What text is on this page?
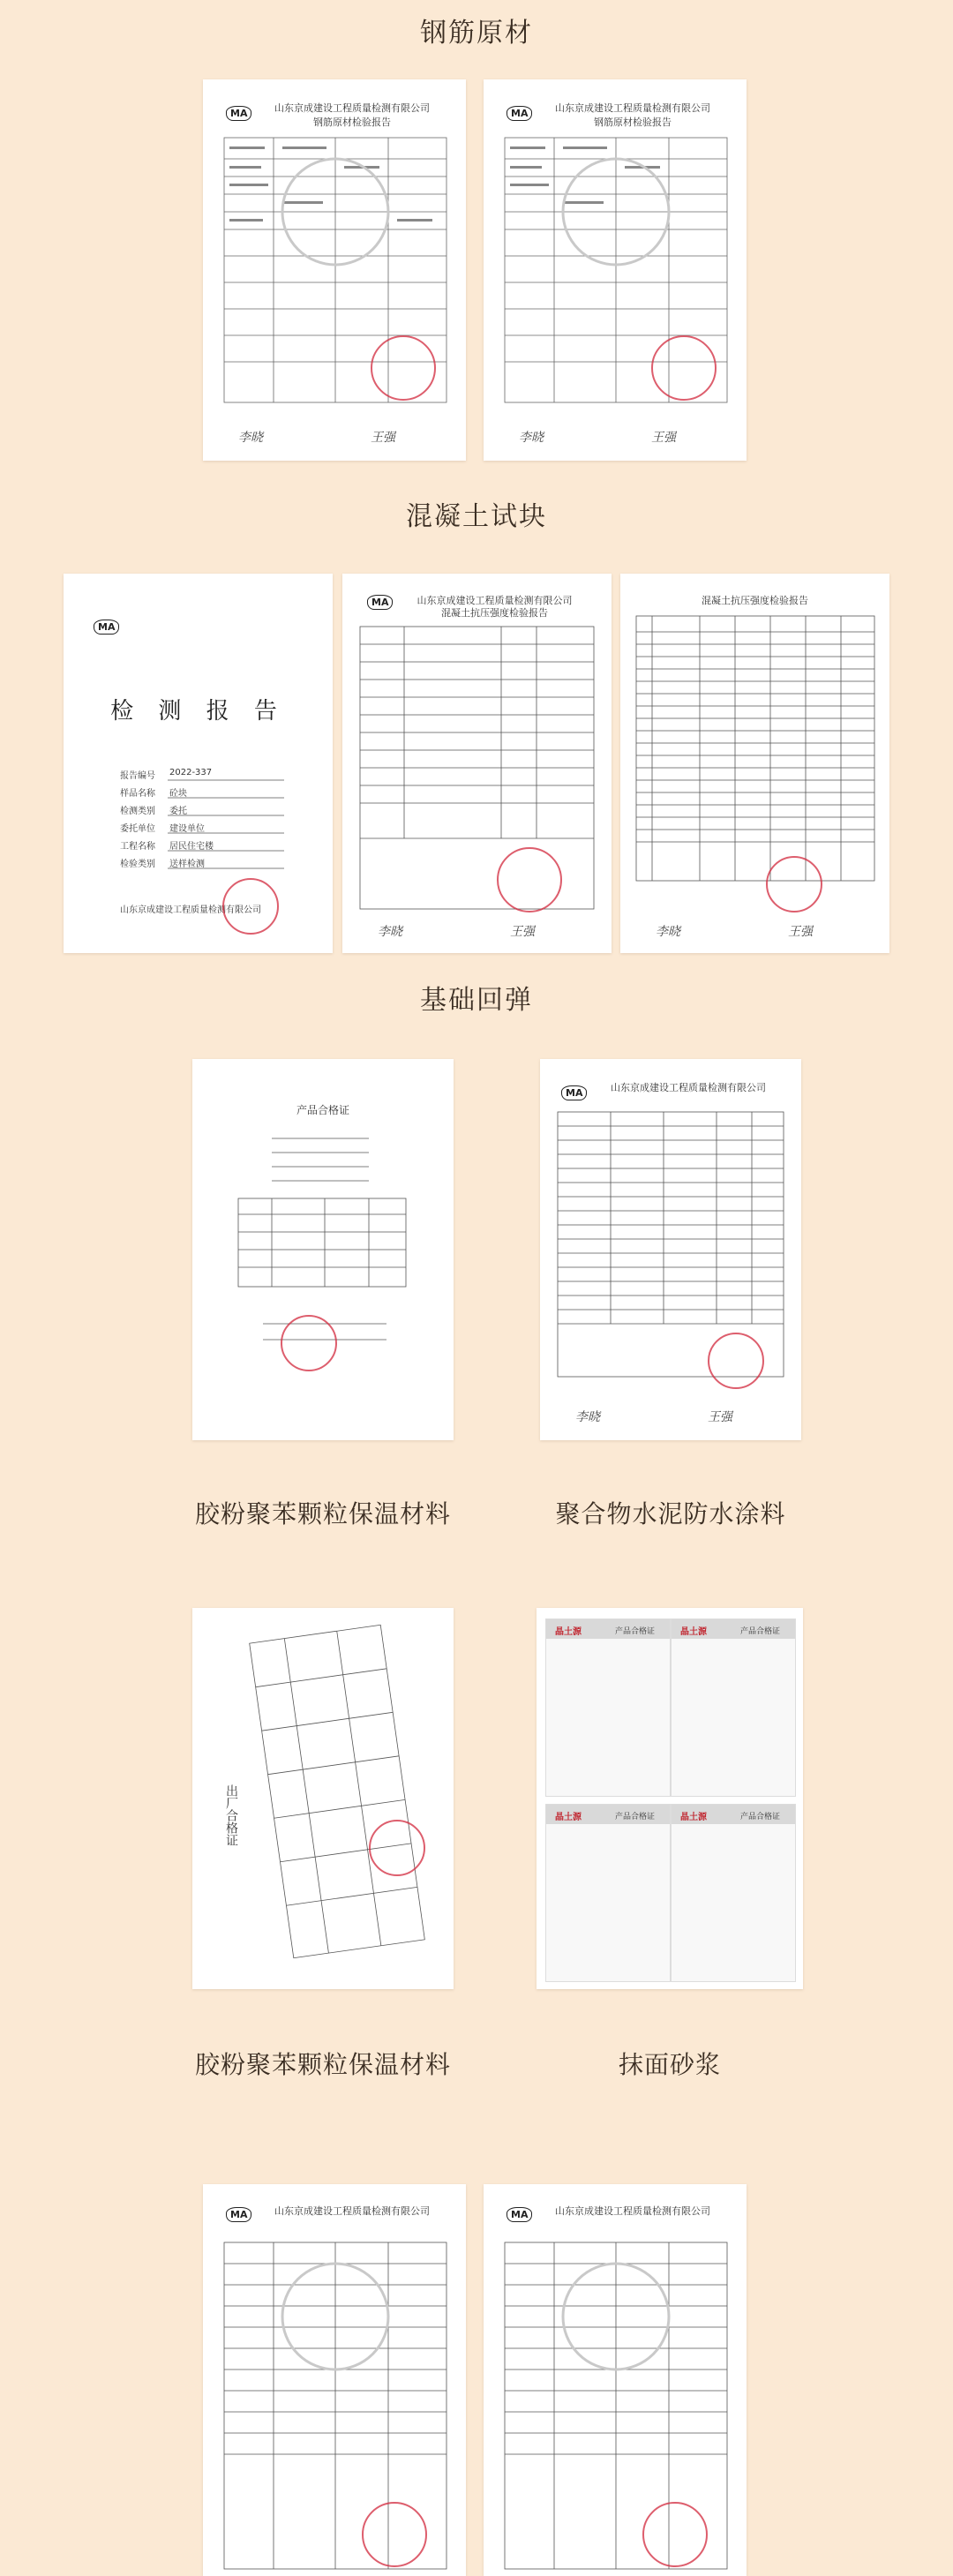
钢筋原材
混凝土试块
基础回弹
MA	山东京成建设工程质量检测有限公司
钢筋原材检验报告
李晓	王强
MA	山东京成建设工程质量检测有限公司
钢筋原材检验报告
李晓	王强
MA
检 测 报 告
报告编号 2022-337
样品名称 砼块
检测类别 委托
委托单位 建设单位
工程名称 居民住宅楼
检验类别 送样检测
山东京成建设工程质量检测有限公司
MA	山东京成建设工程质量检测有限公司
混凝土抗压强度检验报告
李晓	王强
混凝土抗压强度检验报告
李晓	王强
产品合格证
MA	山东京成建设工程质量检测有限公司
李晓	王强
胶粉聚苯颗粒保温材料	聚合物水泥防水涂料
出厂合格证
晶土源	产品合格证	晶土源	产品合格证
晶土源	产品合格证	晶土源	产品合格证
胶粉聚苯颗粒保温材料	抹面砂浆
MA	山东京成建设工程质量检测有限公司	MA	山东京成建设工程质量检测有限公司
